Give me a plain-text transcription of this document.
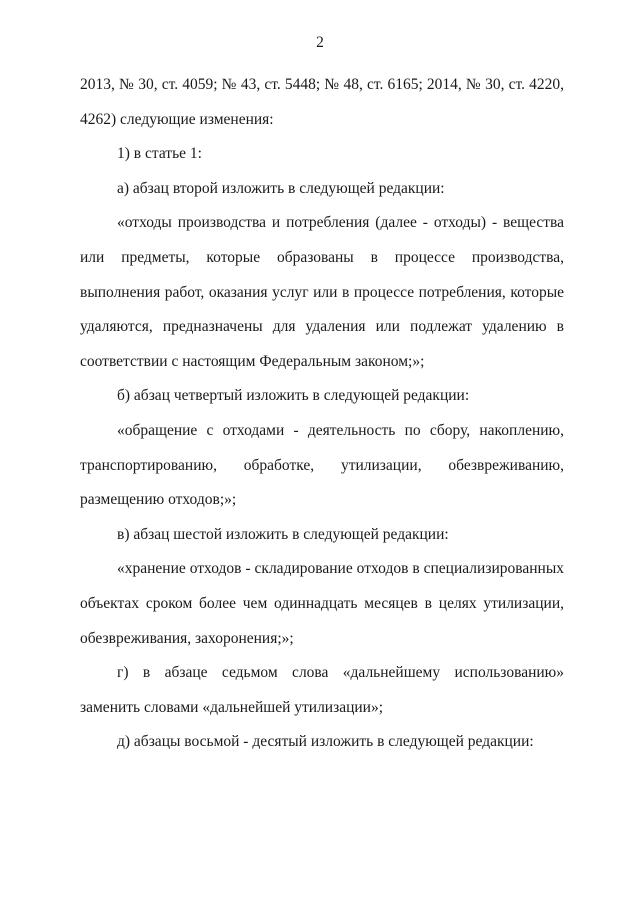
2

2013, № 30, ст. 4059; № 43, ст. 5448; № 48, ст. 6165; 2014, № 30, ст. 4220, 4262) следующие изменения:

1) в статье 1:

а) абзац второй изложить в следующей редакции:

«отходы производства и потребления (далее - отходы) - вещества или предметы, которые образованы в процессе производства, выполнения работ, оказания услуг или в процессе потребления, которые удаляются, предназначены для удаления или подлежат удалению в соответствии с настоящим Федеральным законом;»;

б) абзац четвертый изложить в следующей редакции:

«обращение с отходами - деятельность по сбору, накоплению, транспортированию, обработке, утилизации, обезвреживанию, размещению отходов;»;

в) абзац шестой изложить в следующей редакции:

«хранение отходов - складирование отходов в специализированных объектах сроком более чем одиннадцать месяцев в целях утилизации, обезвреживания, захоронения;»;

г) в абзаце седьмом слова «дальнейшему использованию» заменить словами «дальнейшей утилизации»;

д) абзацы восьмой - десятый изложить в следующей редакции:
